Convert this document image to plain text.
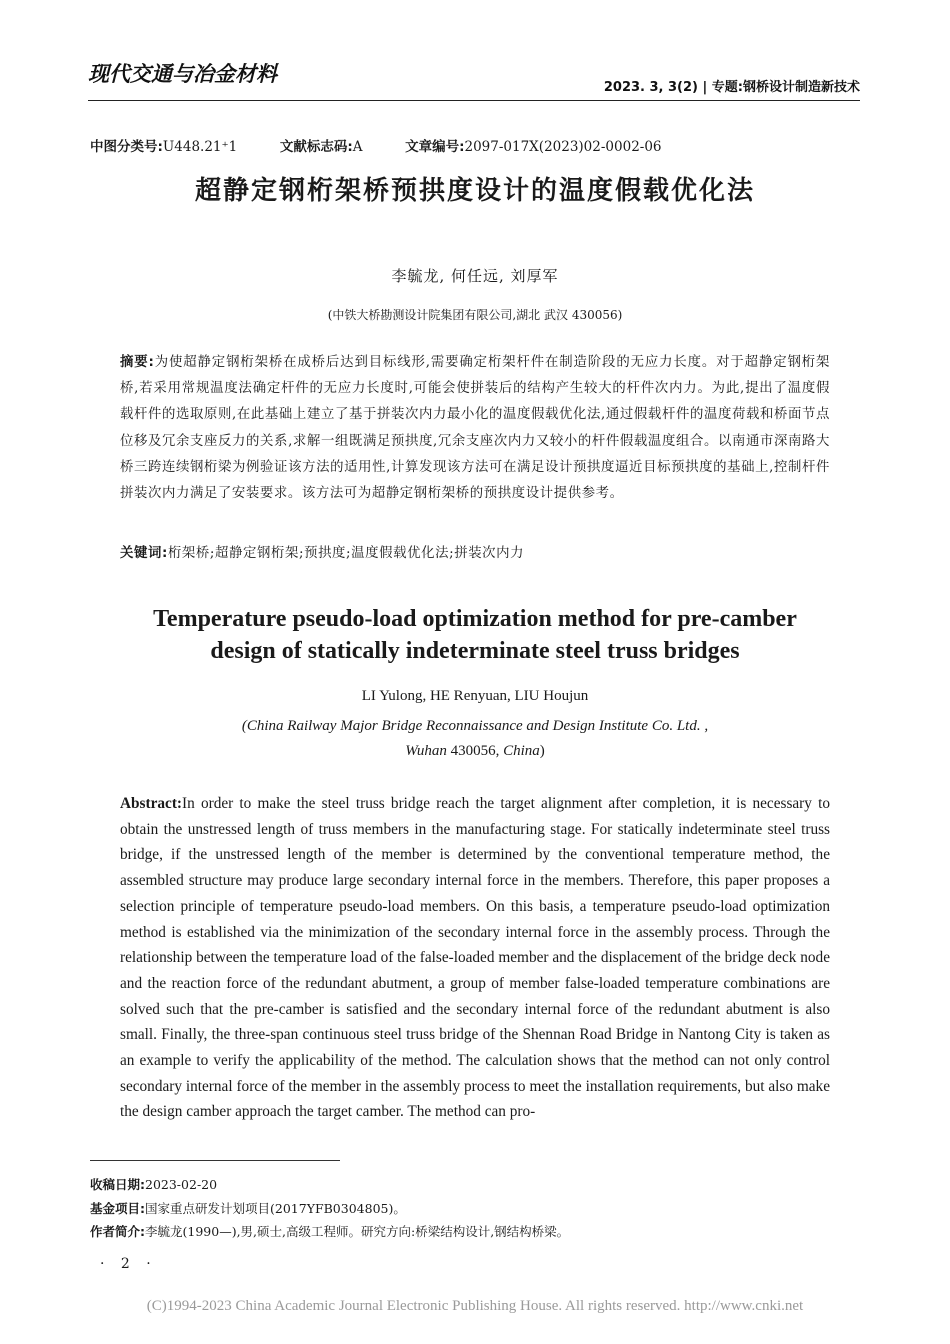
现代交通与冶金材料
2023. 3, 3(2) | 专题:钢桥设计制造新技术
中图分类号:U448.21⁺1	文献标志码:A	文章编号:2097-017X(2023)02-0002-06
超静定钢桁架桥预拱度设计的温度假载优化法
李毓龙, 何任远, 刘厚军
(中铁大桥勘测设计院集团有限公司,湖北 武汉 430056)
摘要:为使超静定钢桁架桥在成桥后达到目标线形,需要确定桁架杆件在制造阶段的无应力长度。对于超静定钢桁架桥,若采用常规温度法确定杆件的无应力长度时,可能会使拼装后的结构产生较大的杆件次内力。为此,提出了温度假载杆件的选取原则,在此基础上建立了基于拼装次内力最小化的温度假载优化法,通过假载杆件的温度荷载和桥面节点位移及冗余支座反力的关系,求解一组既满足预拱度,冗余支座次内力又较小的杆件假载温度组合。以南通市深南路大桥三跨连续钢桁梁为例验证该方法的适用性,计算发现该方法可在满足设计预拱度逼近目标预拱度的基础上,控制杆件拼装次内力满足了安装要求。该方法可为超静定钢桁架桥的预拱度设计提供参考。
关键词:桁架桥;超静定钢桁架;预拱度;温度假载优化法;拼装次内力
Temperature pseudo-load optimization method for pre-camber
design of statically indeterminate steel truss bridges
LI Yulong, HE Renyuan, LIU Houjun
(China Railway Major Bridge Reconnaissance and Design Institute Co. Ltd. ,
Wuhan 430056, China)
Abstract:In order to make the steel truss bridge reach the target alignment after completion, it is necessary to obtain the unstressed length of truss members in the manufacturing stage. For statically indeterminate steel truss bridge, if the unstressed length of the member is determined by the conventional temperature method, the assembled structure may produce large secondary internal force in the members. Therefore, this paper proposes a selection principle of temperature pseudo-load members. On this basis, a temperature pseudo-load optimization method is established via the minimization of the secondary internal force in the assembly process. Through the relationship between the temperature load of the false-loaded member and the displacement of the bridge deck node and the reaction force of the redundant abutment, a group of member false-loaded temperature combinations are solved such that the pre-camber is satisfied and the secondary internal force of the redundant abutment is also small. Finally, the three-span continuous steel truss bridge of the Shennan Road Bridge in Nantong City is taken as an example to verify the applicability of the method. The calculation shows that the method can not only control secondary internal force of the member in the assembly process to meet the installation requirements, but also make the design camber approach the target camber. The method can pro-
收稿日期:2023-02-20
基金项目:国家重点研发计划项目(2017YFB0304805)。
作者简介:李毓龙(1990—),男,硕士,高级工程师。研究方向:桥梁结构设计,钢结构桥梁。
· 2 ·
(C)1994-2023 China Academic Journal Electronic Publishing House. All rights reserved. http://www.cnki.net
